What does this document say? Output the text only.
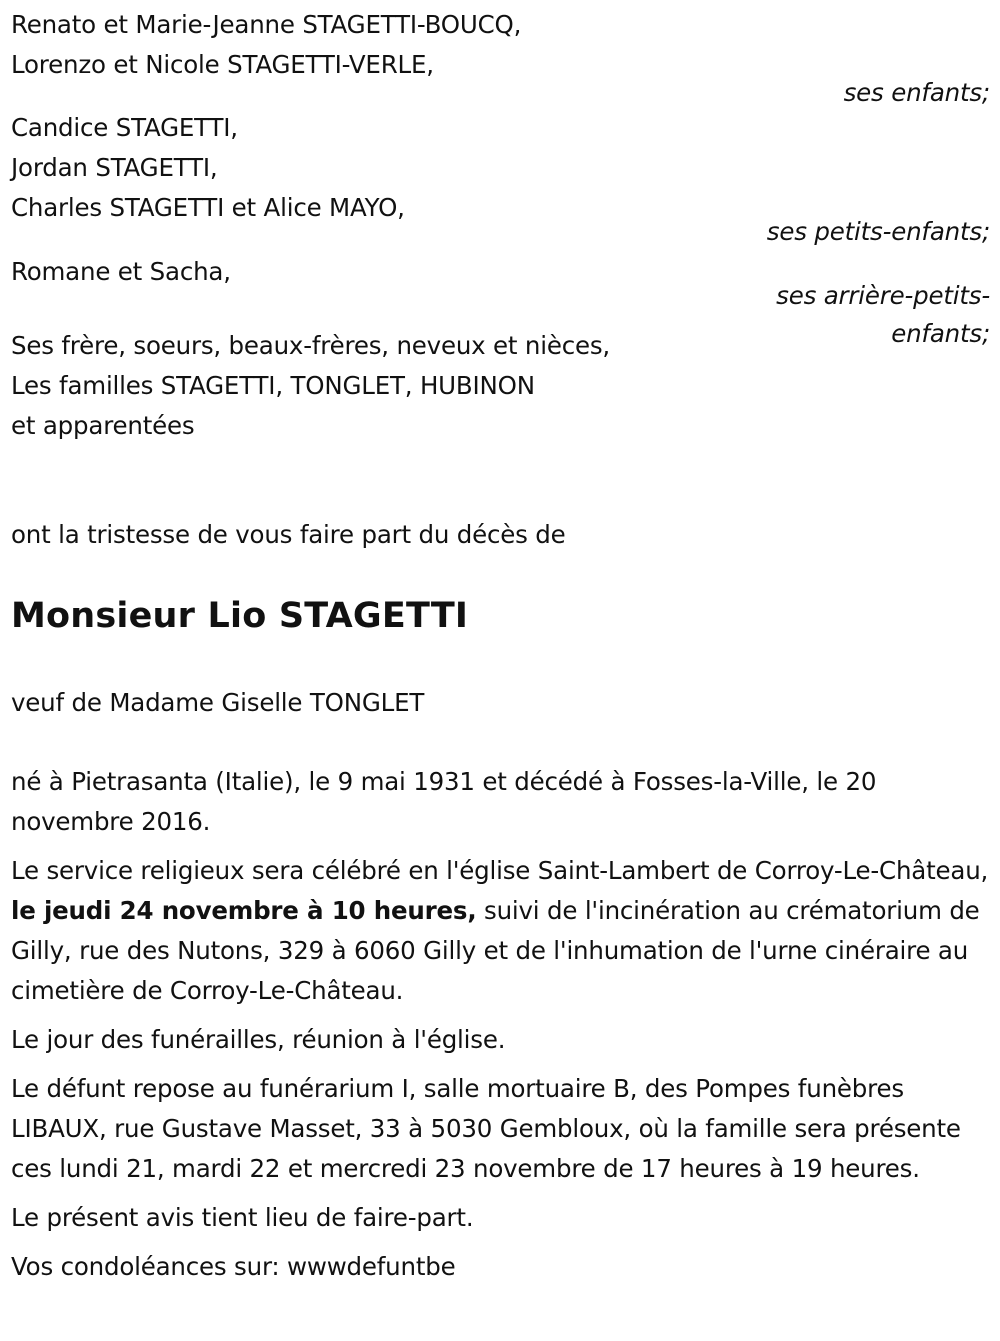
Renato et Marie-Jeanne STAGETTI-BOUCQ,
Lorenzo et Nicole STAGETTI-VERLE,
ses enfants;
Candice STAGETTI,
Jordan STAGETTI,
Charles STAGETTI et Alice MAYO,
ses petits-enfants;
Romane et Sacha,
ses arrière-petits-enfants;
Ses frère, soeurs, beaux-frères, neveux et nièces,
Les familles STAGETTI, TONGLET, HUBINON
et apparentées
ont la tristesse de vous faire part du décès de
Monsieur Lio STAGETTI
veuf de Madame Giselle TONGLET

né à Pietrasanta (Italie), le 9 mai 1931 et décédé à Fosses-la-Ville, le 20 novembre 2016.

Le service religieux sera célébré en l'église Saint-Lambert de Corroy-Le-Château, le jeudi 24 novembre à 10 heures, suivi de l'incinération au crématorium de Gilly, rue des Nutons, 329 à 6060 Gilly et de l'inhumation de l'urne cinéraire au cimetière de Corroy-Le-Château.

Le jour des funérailles, réunion à l'église.

Le défunt repose au funérarium I, salle mortuaire B, des Pompes funèbres LIBAUX, rue Gustave Masset, 33 à 5030 Gembloux, où la famille sera présente ces lundi 21, mardi 22 et mercredi 23 novembre de 17 heures à 19 heures.

Le présent avis tient lieu de faire-part.

Vos condoléances sur: wwwdefuntbe
